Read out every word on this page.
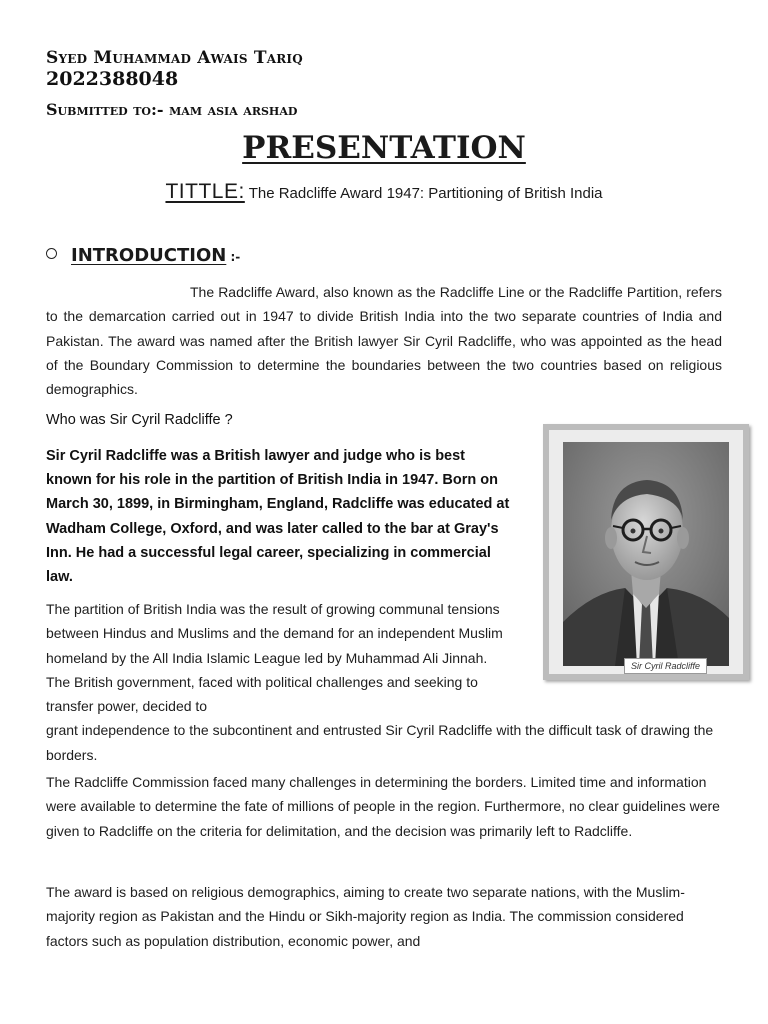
Syed Muhammad Awais Tariq
2022388048
Submitted to:- mam asia arshad
PRESENTATION
TITTLE: The Radcliffe Award 1947: Partitioning of British India
INTRODUCTION :-

The Radcliffe Award, also known as the Radcliffe Line or the Radcliffe Partition, refers to the demarcation carried out in 1947 to divide British India into the two separate countries of India and Pakistan. The award was named after the British lawyer Sir Cyril Radcliffe, who was appointed as the head of the Boundary Commission to determine the boundaries between the two countries based on religious demographics.

Who was Sir Cyril Radcliffe ?

Sir Cyril Radcliffe was a British lawyer and judge who is best known for his role in the partition of British India in 1947. Born on March 30, 1899, in Birmingham, England, Radcliffe was educated at Wadham College, Oxford, and was later called to the bar at Gray's Inn. He had a successful legal career, specializing in commercial law.

The partition of British India was the result of growing communal tensions between Hindus and Muslims and the demand for an independent Muslim homeland by the All India Islamic League led by Muhammad Ali Jinnah. The British government, faced with political challenges and seeking to transfer power, decided to
grant independence to the subcontinent and entrusted Sir Cyril Radcliffe with the difficult task of drawing the borders.

The Radcliffe Commission faced many challenges in determining the borders. Limited time and information were available to determine the fate of millions of people in the region. Furthermore, no clear guidelines were given to Radcliffe on the criteria for delimitation, and the decision was primarily left to Radcliffe.

The award is based on religious demographics, aiming to create two separate nations, with the Muslim-majority region as Pakistan and the Hindu or Sikh-majority region as India. The commission considered factors such as population distribution, economic power, and

Sir Cyril Radcliffe
